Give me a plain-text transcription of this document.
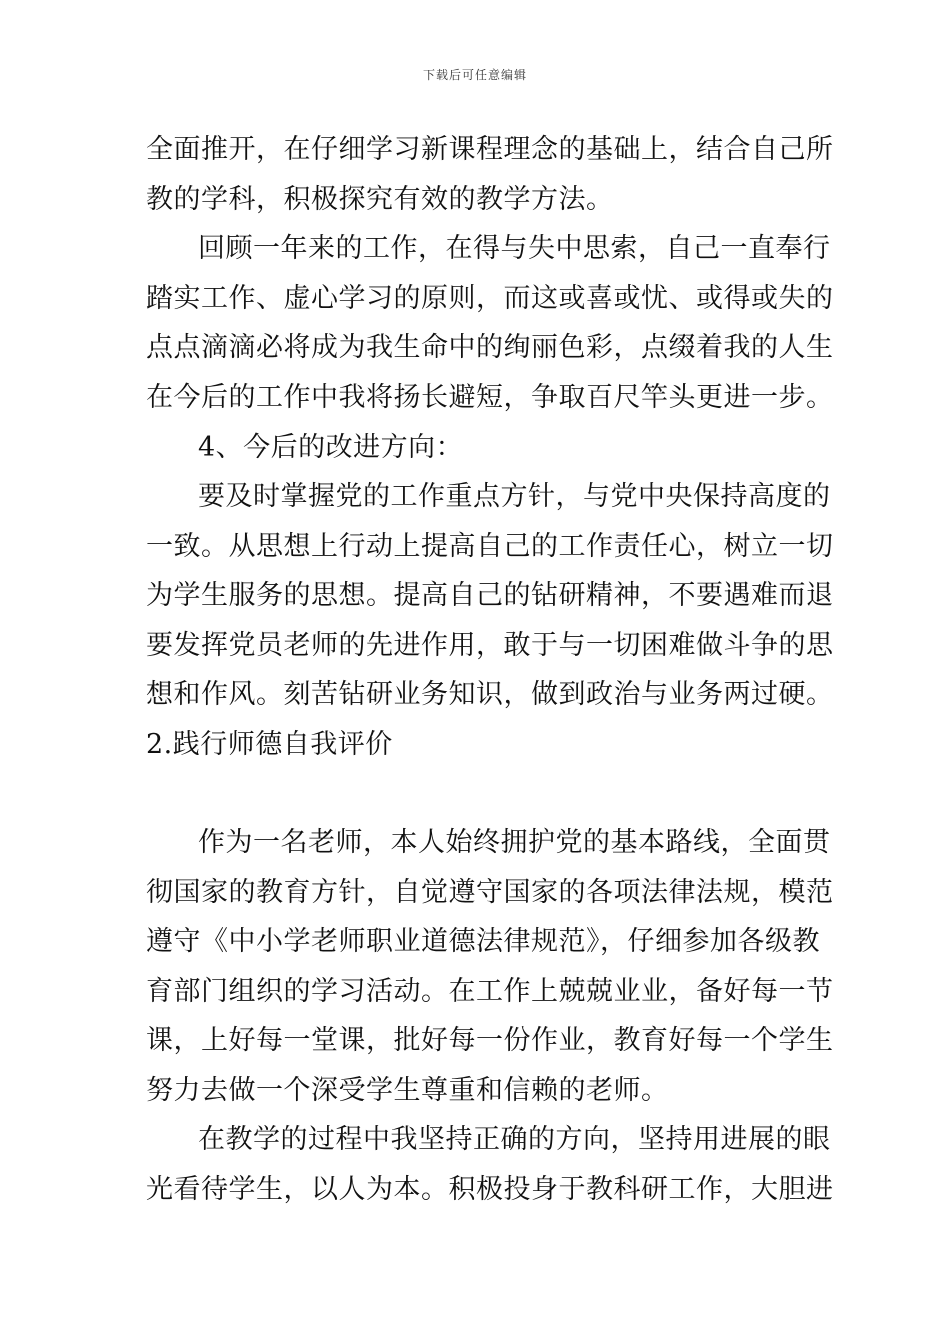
下载后可任意编辑
全面推开，在仔细学习新课程理念的基础上，结合自己所
教的学科，积极探究有效的教学方法。
回顾一年来的工作，在得与失中思索，自己一直奉行
踏实工作、虚心学习的原则，而这或喜或忧、或得或失的
点点滴滴必将成为我生命中的绚丽色彩，点缀着我的人生
在今后的工作中我将扬长避短，争取百尺竿头更进一步。
4、今后的改进方向：
要及时掌握党的工作重点方针，与党中央保持高度的
一致。从思想上行动上提高自己的工作责任心，树立一切
为学生服务的思想。提高自己的钻研精神，不要遇难而退
要发挥党员老师的先进作用，敢于与一切困难做斗争的思
想和作风。刻苦钻研业务知识，做到政治与业务两过硬。
2.践行师德自我评价
作为一名老师，本人始终拥护党的基本路线，全面贯
彻国家的教育方针，自觉遵守国家的各项法律法规，模范
遵守《中小学老师职业道德法律规范》，仔细参加各级教
育部门组织的学习活动。在工作上兢兢业业，备好每一节
课，上好每一堂课，批好每一份作业，教育好每一个学生
努力去做一个深受学生尊重和信赖的老师。
在教学的过程中我坚持正确的方向，坚持用进展的眼
光看待学生，以人为本。积极投身于教科研工作，大胆进
